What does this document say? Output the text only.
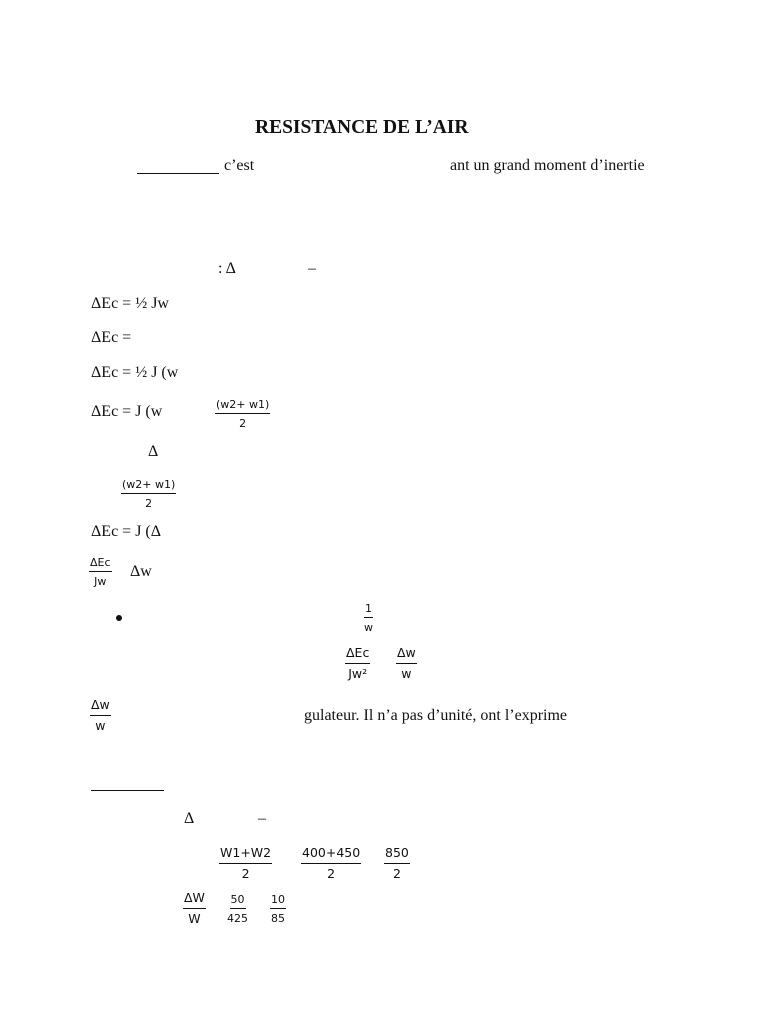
RESISTANCE DE L’AIR
c’est	ant un grand moment d’inertie
: Δ	–
ΔEc = ½ Jw
ΔEc =
ΔEc = ½ J (w
ΔEc = J (w	$\frac{(w2+ w1)}{2}$
Δ
$\frac{(w2+ w1)}{2}$
ΔEc = J (Δ
ΔEc
Jw
Δw
$\frac{1}{w}$
ΔEc
$Jw^2 \frac{\Delta w}{w}$
$\frac{\Delta w}{w}$	gulateur. Il n’a pas d’unité, ont l’exprime
Δ	–
$\frac{W1+W2}{2} \frac{400+450}{2} \frac{850}{2}$
$\frac{\Delta W}{W} \frac{50}{425} \frac{10}{85}$
